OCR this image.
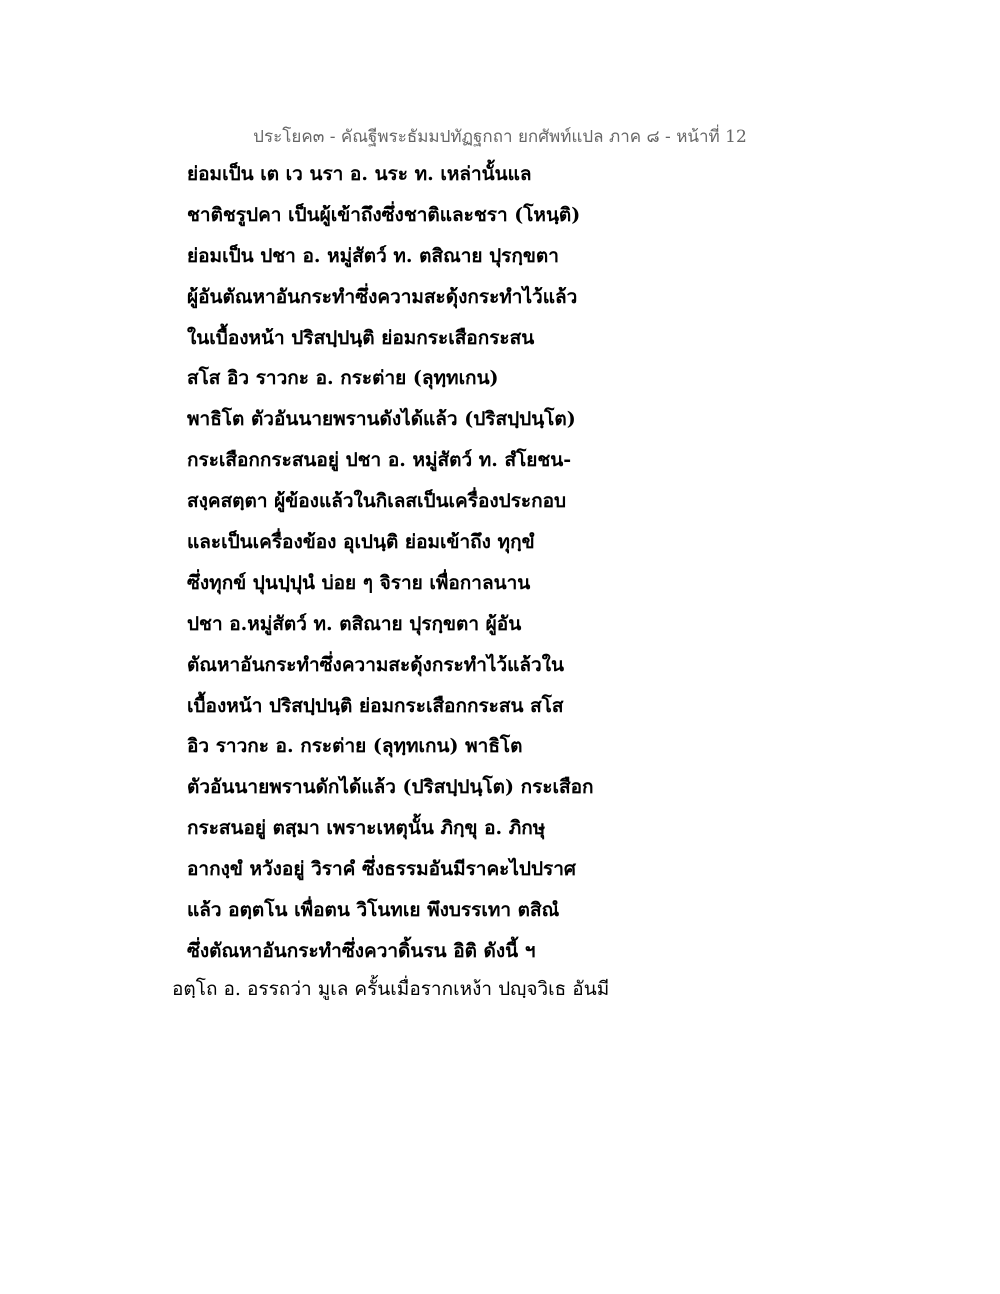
ประโยค๓ - คัณฐีพระธัมมปทัฏฐกถา ยกศัพท์แปล ภาค ๘ - หน้าที่ 12
ย่อมเป็น เต เว นรา อ. นระ ท. เหล่านั้นแล
ชาติชรูปคา เป็นผู้เข้าถึงซึ่งชาติและชรา (โหนฺติ)
ย่อมเป็น ปชา อ. หมู่สัตว์ ท. ตสิณาย ปุรกฺขตา
ผู้อันตัณหาอันกระทำซึ่งความสะดุ้งกระทำไว้แล้ว
ในเบื้องหน้า ปริสปฺปนฺติ ย่อมกระเสือกระสน
สโส อิว ราวกะ อ. กระต่าย (ลุทฺทเกน)
พาธิโต ตัวอันนายพรานดังได้แล้ว (ปริสปฺปนฺโต)
กระเสือกกระสนอยู่ ปชา อ. หมู่สัตว์ ท. สํโยชน-
สงฺคสตฺตา ผู้ข้องแล้วในกิเลสเป็นเครื่องประกอบ
และเป็นเครื่องข้อง อุเปนฺติ ย่อมเข้าถึง ทุกฺขํ
ซึ่งทุกข์ ปุนปฺปุนํ บ่อย ๆ จิราย เพื่อกาลนาน
ปชา อ.หมู่สัตว์ ท. ตสิณาย ปุรกฺขตา ผู้อัน
ตัณหาอันกระทำซึ่งความสะดุ้งกระทำไว้แล้วใน
เบื้องหน้า ปริสปฺปนฺติ ย่อมกระเสือกกระสน สโส
อิว ราวกะ อ. กระต่าย (ลุทฺทเกน) พาธิโต
ตัวอันนายพรานดักได้แล้ว (ปริสปฺปนฺโต) กระเสือก
กระสนอยู่ ตสฺมา เพราะเหตุนั้น ภิกฺขุ อ. ภิกษุ
อากงฺขํ หวังอยู่ วิราคํ ซึ่งธรรมอันมีราคะไปปราศ
แล้ว อตฺตโน เพื่อตน วิโนทเย พึงบรรเทา ตสิณํ
ซึ่งตัณหาอันกระทำซึ่งควาดิ้นรน อิติ ดังนี้ ฯ
อตฺโถ อ. อรรถว่า มูเล ครั้นเมื่อรากเหง้า ปญฺจวิเธ อันมี
